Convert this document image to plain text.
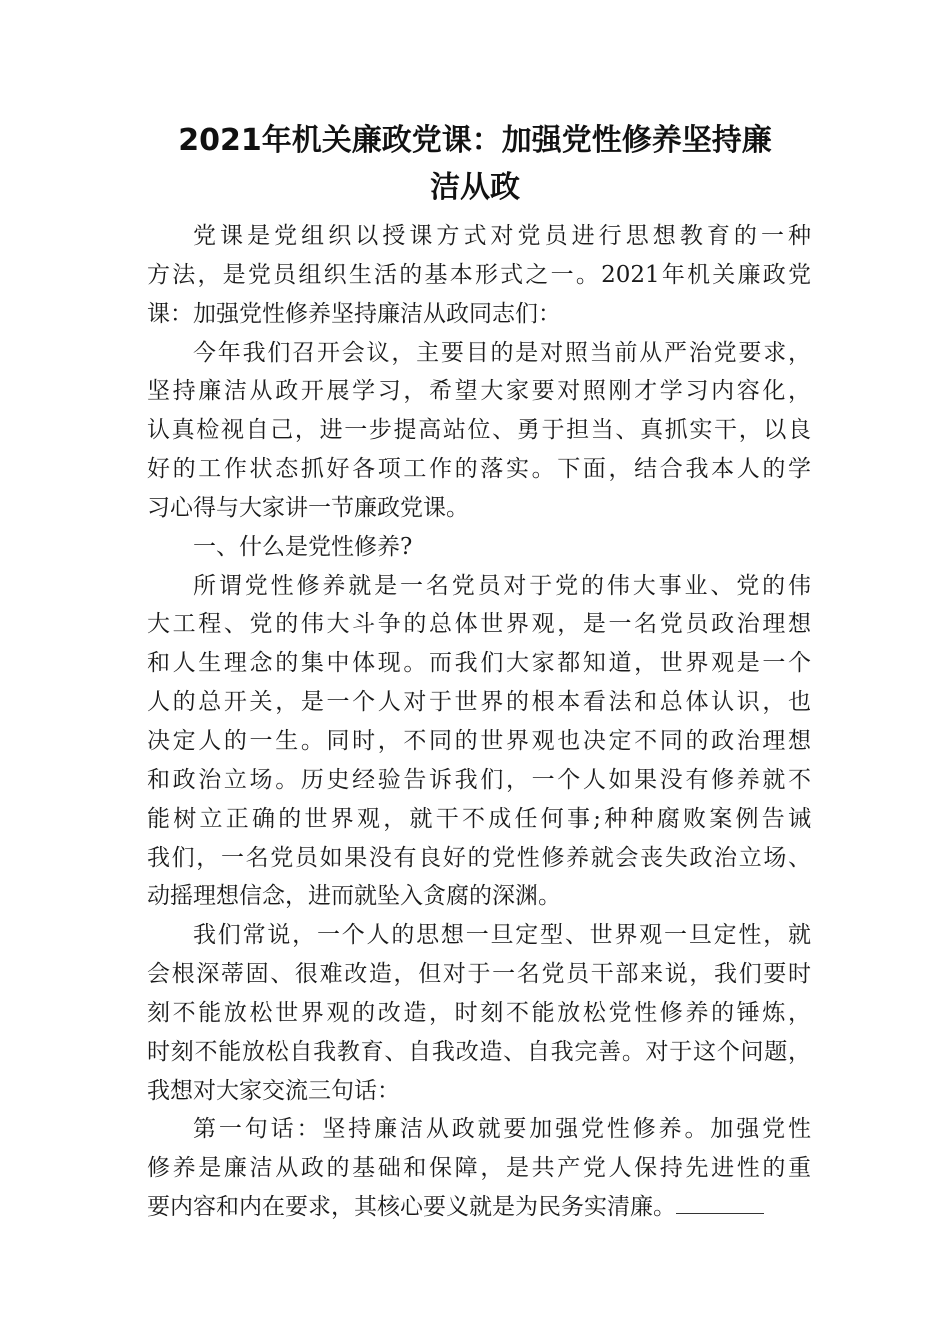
2021年机关廉政党课：加强党性修养坚持廉
洁从政
党课是党组织以授课方式对党员进行思想教育的一种
方法，是党员组织生活的基本形式之一。2021年机关廉政党
课：加强党性修养坚持廉洁从政同志们：
今年我们召开会议，主要目的是对照当前从严治党要求，
坚持廉洁从政开展学习，希望大家要对照刚才学习内容化，
认真检视自己，进一步提高站位、勇于担当、真抓实干，以良
好的工作状态抓好各项工作的落实。下面，结合我本人的学
习心得与大家讲一节廉政党课。
一、什么是党性修养?
所谓党性修养就是一名党员对于党的伟大事业、党的伟
大工程、党的伟大斗争的总体世界观，是一名党员政治理想
和人生理念的集中体现。而我们大家都知道，世界观是一个
人的总开关，是一个人对于世界的根本看法和总体认识，也
决定人的一生。同时，不同的世界观也决定不同的政治理想
和政治立场。历史经验告诉我们，一个人如果没有修养就不
能树立正确的世界观，就干不成任何事;种种腐败案例告诫
我们，一名党员如果没有良好的党性修养就会丧失政治立场、
动摇理想信念，进而就坠入贪腐的深渊。
我们常说，一个人的思想一旦定型、世界观一旦定性，就
会根深蒂固、很难改造，但对于一名党员干部来说，我们要时
刻不能放松世界观的改造，时刻不能放松党性修养的锤炼，
时刻不能放松自我教育、自我改造、自我完善。对于这个问题，
我想对大家交流三句话：
第一句话：坚持廉洁从政就要加强党性修养。加强党性
修养是廉洁从政的基础和保障，是共产党人保持先进性的重
要内容和内在要求，其核心要义就是为民务实清廉。
